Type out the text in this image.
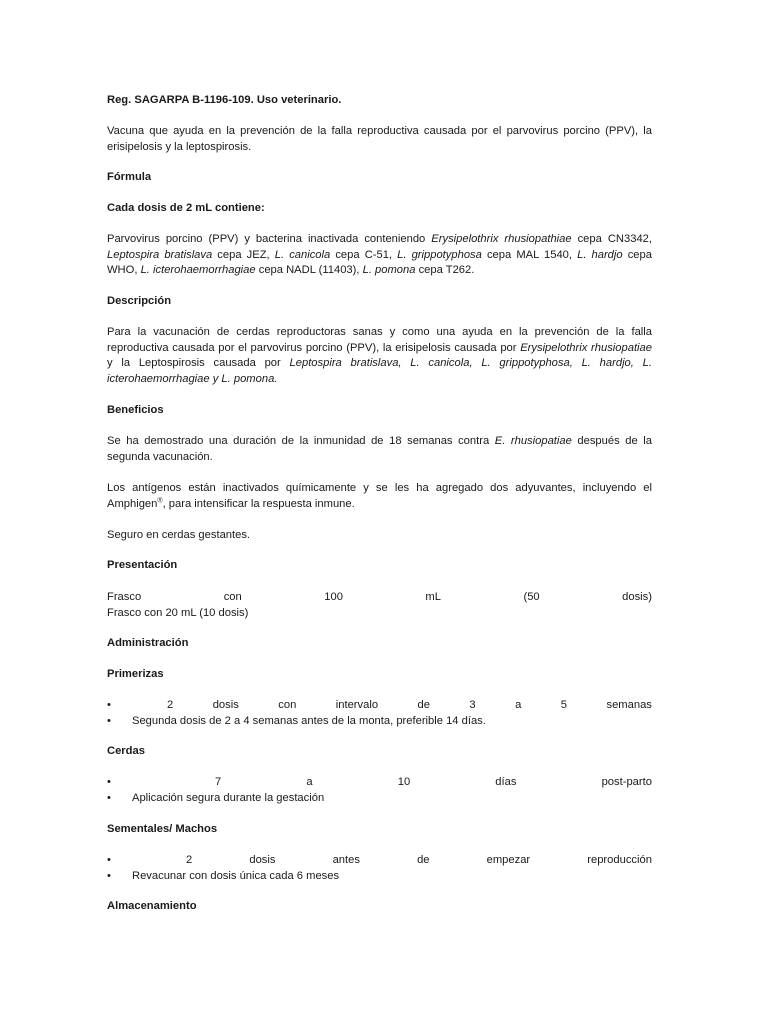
Reg. SAGARPA B-1196-109. Uso veterinario.

Vacuna que ayuda en la prevención de la falla reproductiva causada por el parvovirus porcino (PPV), la erisipelosis y la leptospirosis.

Fórmula

Cada dosis de 2 mL contiene:

Parvovirus porcino (PPV) y bacterina inactivada conteniendo Erysipelothrix rhusiopathiae cepa CN3342, Leptospira bratislava cepa JEZ, L. canicola cepa C-51, L. grippotyphosa cepa MAL 1540, L. hardjo cepa WHO, L. icterohaemorrhagiae cepa NADL (11403), L. pomona cepa T262.

Descripción

Para la vacunación de cerdas reproductoras sanas y como una ayuda en la prevención de la falla reproductiva causada por el parvovirus porcino (PPV), la erisipelosis causada por Erysipelothrix rhusiopatiae y la Leptospirosis causada por Leptospira bratislava, L. canicola, L. grippotyphosa, L. hardjo, L. icterohaemorrhagiae y L. pomona.

Beneficios

Se ha demostrado una duración de la inmunidad de 18 semanas contra E. rhusiopatiae después de la segunda vacunación.

Los antígenos están inactivados químicamente y se les ha agregado dos adyuvantes, incluyendo el Amphigen®, para intensificar la respuesta inmune.

Seguro en cerdas gestantes.

Presentación

Frasco	con	100	mL	(50	dosis)
Frasco con 20 mL (10 dosis)

Administración

Primerizas

•	2	dosis	con	intervalo	de	3	a	5	semanas
•	Segunda dosis de 2 a 4 semanas antes de la monta, preferible 14 días.

Cerdas

•	7	a	10	días	post-parto
•	Aplicación segura durante la gestación

Sementales/ Machos

•	2	dosis	antes	de	empezar	reproducción
•	Revacunar con dosis única cada 6 meses

Almacenamiento
